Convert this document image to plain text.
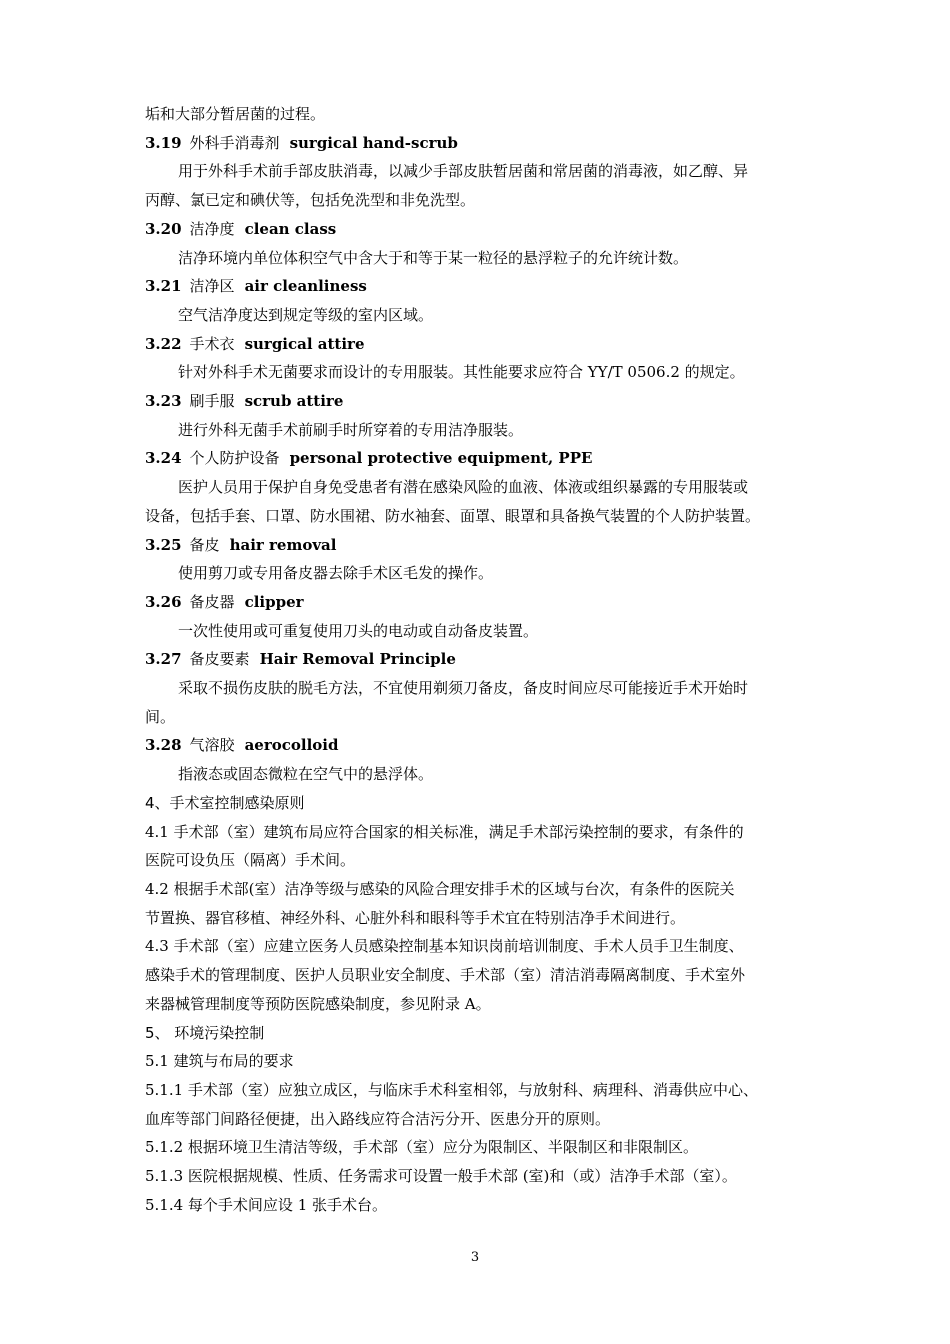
垢和大部分暂居菌的过程。
3.19 外科手消毒剂 surgical hand-scrub
用于外科手术前手部皮肤消毒，以减少手部皮肤暂居菌和常居菌的消毒液，如乙醇、异
丙醇、氯已定和碘伏等，包括免洗型和非免洗型。
3.20 洁净度 clean class
洁净环境内单位体积空气中含大于和等于某一粒径的悬浮粒子的允许统计数。
3.21 洁净区 air cleanliness
空气洁净度达到规定等级的室内区域。
3.22 手术衣 surgical attire
针对外科手术无菌要求而设计的专用服装。其性能要求应符合 YY/T 0506.2 的规定。
3.23 刷手服 scrub attire
进行外科无菌手术前刷手时所穿着的专用洁净服装。
3.24 个人防护设备 personal protective equipment, PPE
医护人员用于保护自身免受患者有潜在感染风险的血液、体液或组织暴露的专用服装或
设备，包括手套、口罩、防水围裙、防水袖套、面罩、眼罩和具备换气装置的个人防护装置。
3.25 备皮 hair removal
使用剪刀或专用备皮器去除手术区毛发的操作。
3.26 备皮器 clipper
一次性使用或可重复使用刀头的电动或自动备皮装置。
3.27 备皮要素 Hair Removal Principle
采取不损伤皮肤的脱毛方法，不宜使用剃须刀备皮，备皮时间应尽可能接近手术开始时
间。
3.28 气溶胶 aerocolloid
指液态或固态微粒在空气中的悬浮体。
4、手术室控制感染原则
4.1 手术部（室）建筑布局应符合国家的相关标准，满足手术部污染控制的要求，有条件的
医院可设负压（隔离）手术间。
4.2 根据手术部(室）洁净等级与感染的风险合理安排手术的区域与台次，有条件的医院关
节置换、器官移植、神经外科、心脏外科和眼科等手术宜在特别洁净手术间进行。
4.3 手术部（室）应建立医务人员感染控制基本知识岗前培训制度、手术人员手卫生制度、
感染手术的管理制度、医护人员职业安全制度、手术部（室）清洁消毒隔离制度、手术室外
来器械管理制度等预防医院感染制度，参见附录 A。
5、 环境污染控制
5.1 建筑与布局的要求
5.1.1 手术部（室）应独立成区，与临床手术科室相邻，与放射科、病理科、消毒供应中心、
血库等部门间路径便捷，出入路线应符合洁污分开、医患分开的原则。
5.1.2 根据环境卫生清洁等级，手术部（室）应分为限制区、半限制区和非限制区。
5.1.3 医院根据规模、性质、任务需求可设置一般手术部 (室)和（或）洁净手术部（室）。
5.1.4 每个手术间应设 1 张手术台。
3
